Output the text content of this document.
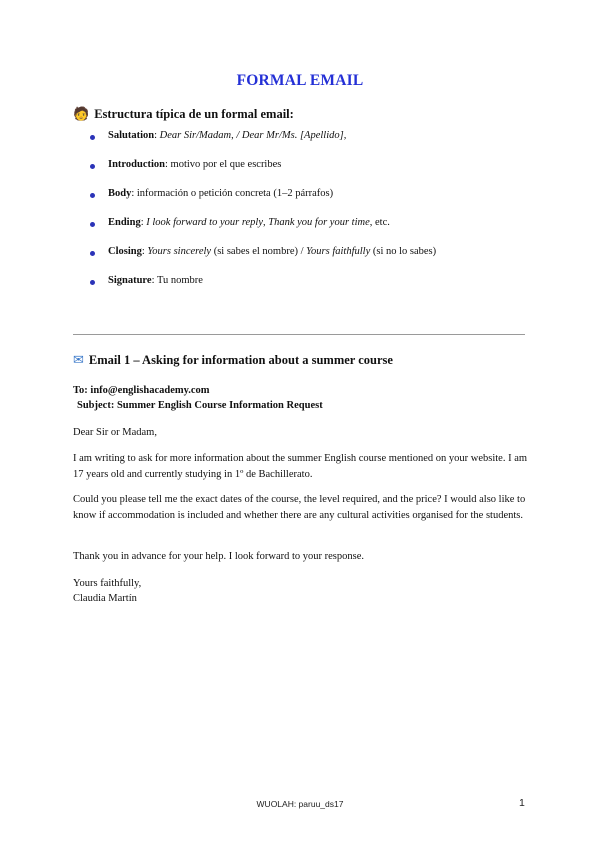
FORMAL EMAIL
🧑 Estructura típica de un formal email:
Salutation: Dear Sir/Madam, / Dear Mr/Ms. [Apellido],
Introduction: motivo por el que escribes
Body: información o petición concreta (1–2 párrafos)
Ending: I look forward to your reply, Thank you for your time, etc.
Closing: Yours sincerely (si sabes el nombre) / Yours faithfully (si no lo sabes)
Signature: Tu nombre
✉ Email 1 – Asking for information about a summer course
To: info@englishacademy.com
Subject: Summer English Course Information Request
Dear Sir or Madam,
I am writing to ask for more information about the summer English course mentioned on your website. I am 17 years old and currently studying in 1º de Bachillerato.
Could you please tell me the exact dates of the course, the level required, and the price? I would also like to know if accommodation is included and whether there are any cultural activities organised for the students.
Thank you in advance for your help. I look forward to your response.
Yours faithfully,
Claudia Martín
WUOLAH: paruu_ds17	1
